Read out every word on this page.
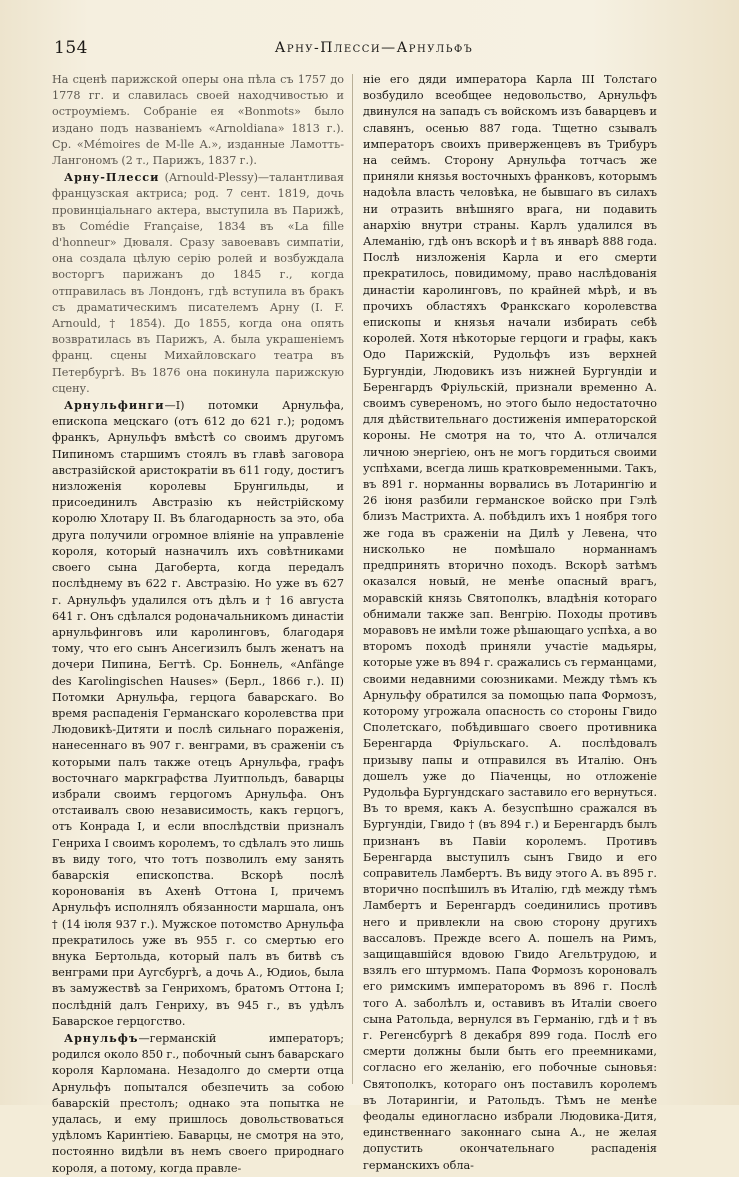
154	Арну-Плесси—Арнульфъ

На сценѣ парижской оперы она пѣла съ 1757 до 1778 гг. и славилась своей находчивостью и остроуміемъ. Собраніе ея «Bonmots» было издано подъ названіемъ «Arnoldiana» 1813 г.). Ср. «Mémoires de M-lle A.», изданные Ламотть-Лангономъ (2 т., Парижъ, 1837 г.).

Арну-Плесси (Arnould-Plessy)—талантливая французская актриса; род. 7 сент. 1819, дочь провинціальнаго актера, выступила въ Парижѣ, въ Comédie Française, 1834 въ «La fille d'honneur» Дюваля. Сразу завоевавъ симпатіи, она создала цѣлую серію ролей и возбуждала восторгъ парижанъ до 1845 г., когда отправилась въ Лондонъ, гдѣ вступила въ бракъ съ драматическимъ писателемъ Арну (I. F. Arnould, † 1854). До 1855, когда она опять возвратилась въ Парижъ, А. была украшеніемъ франц. сцены Михайловскаго театра въ Петербургѣ. Въ 1876 она покинула парижскую сцену.

Арнульфинги—I) потомки Арнульфа, епископа мецскаго (отъ 612 до 621 г.); родомъ франкъ, Арнульфъ вмѣстѣ со своимъ другомъ Пипиномъ старшимъ стоялъ въ главѣ заговора австразійской аристократіи въ 611 году, достигъ низложенія королевы Брунгильды, и присоединилъ Австразію къ нейстрійскому королю Хлотару II. Въ благодарность за это, оба друга получили огромное вліяніе на управленіе короля, который назначилъ ихъ совѣтниками своего сына Дагоберта, когда передалъ послѣднему въ 622 г. Австразію. Но уже въ 627 г. Арнульфъ удалился отъ дѣлъ и † 16 августа 641 г. Онъ сдѣлался родоначальникомъ династіи арнульфинговъ или каролинговъ, благодаря тому, что его сынъ Ансегизилъ былъ женатъ на дочери Пипина, Бегтѣ. Ср. Боннель, «Anfänge des Karolingischen Hauses» (Берл., 1866 г.). II) Потомки Арнульфа, герцога баварскаго. Во время распаденія Германскаго королевства при Людовикѣ-Дитяти и послѣ сильнаго пораженія, нанесеннаго въ 907 г. венграми, въ сраженіи съ которыми палъ также отецъ Арнульфа, графъ восточнаго маркграфства Луитпольдъ, баварцы избрали своимъ герцогомъ Арнульфа. Онъ отстаивалъ свою независимость, какъ герцогъ, отъ Конрада I, и если впослѣдствіи призналъ Генриха I своимъ королемъ, то сдѣлалъ это лишь въ виду того, что тотъ позволилъ ему занять баварскія епископства. Вскорѣ послѣ коронованія въ Ахенѣ Оттона I, причемъ Арнульфъ исполнялъ обязанности маршала, онъ † (14 іюля 937 г.). Мужское потомство Арнульфа прекратилось уже въ 955 г. со смертью его внука Бертольда, который палъ въ битвѣ съ венграми при Аугсбургѣ, а дочь А., Юдиоь, была въ замужествѣ за Генрихомъ, братомъ Оттона I; послѣдній далъ Генриху, въ 945 г., въ удѣлъ Баварское герцогство.

Арнульфъ—германскій императоръ; родился около 850 г., побочный сынъ баварскаго короля Карломана. Незадолго до смерти отца Арнульфъ попытался обезпечить за собою баварскій престолъ; однако эта попытка не удалась, и ему пришлось довольствоваться удѣломъ Каринтіею. Баварцы, не смотря на это, постоянно видѣли въ немъ своего природнаго короля, а потому, когда правле-

ніе его дяди императора Карла III Толстаго возбудило всеобщее недовольство, Арнульфъ двинулся на западъ съ войскомъ изъ баварцевъ и славянъ, осенью 887 года. Тщетно сзывалъ императоръ своихъ приверженцевъ въ Трибуръ на сеймъ. Сторону Арнульфа тотчасъ же приняли князья восточныхъ франковъ, которымъ надоѣла власть человѣка, не бывшаго въ силахъ ни отразить внѣшняго врага, ни подавить анархію внутри страны. Карлъ удалился въ Алеманію, гдѣ онъ вскорѣ и † въ январѣ 888 года. Послѣ низложенія Карла и его смерти прекратилось, повидимому, право наслѣдованія династіи каролинговъ, по крайней мѣрѣ, и въ прочихъ областяхъ Франкскаго королевства епископы и князья начали избирать себѣ королей. Хотя нѣкоторые герцоги и графы, какъ Одо Парижскій, Рудольфъ изъ верхней Бургундіи, Людовикъ изъ нижней Бургундіи и Беренгардъ Фріульскій, признали временно А. своимъ сувереномъ, но этого было недостаточно для дѣйствительнаго достиженія императорской короны. Не смотря на то, что А. отличался личною энергіею, онъ не могъ гордиться своими успѣхами, всегда лишь кратковременными. Такъ, въ 891 г. норманны ворвались въ Лотарингію и 26 іюня разбили германское войско при Гэлѣ близъ Мастрихта. А. побѣдилъ ихъ 1 ноября того же года въ сраженіи на Дилѣ у Левена, что нисколько не помѣшало норманнамъ предпринять вторично походъ. Вскорѣ затѣмъ оказался новый, не менѣе опасный врагъ, моравскій князь Святополкъ, владѣнія котораго обнимали также зап. Венгрію. Походы противъ моравовъ не имѣли тоже рѣшающаго успѣха, а во второмъ походѣ приняли участіе мадьяры, которые уже въ 894 г. сражались съ германцами, своими недавними союзниками. Между тѣмъ къ Арнульфу обратился за помощью папа Формозъ, которому угрожала опасность со стороны Гвидо Сполетскаго, побѣдившаго своего противника Беренгарда Фріульскаго. А. послѣдовалъ призыву папы и отправился въ Италію. Онъ дошелъ уже до Піаченцы, но отложеніе Рудольфа Бургундскаго заставило его вернуться. Въ то время, какъ А. безуспѣшно сражался въ Бургундіи, Гвидо † (въ 894 г.) и Беренгардъ былъ признанъ въ Павіи королемъ. Противъ Беренгарда выступилъ сынъ Гвидо и его соправитель Ламбертъ. Въ виду этого А. въ 895 г. вторично поспѣшилъ въ Италію, гдѣ между тѣмъ Ламбертъ и Беренгардъ соединились противъ него и привлекли на свою сторону другихъ вассаловъ. Прежде всего А. пошелъ на Римъ, защищавшійся вдовою Гвидо Агельтрудою, и взялъ его штурмомъ. Папа Формозъ короновалъ его римскимъ императоромъ въ 896 г. Послѣ того А. заболѣлъ и, оставивъ въ Италіи своего сына Ратольда, вернулся въ Германію, гдѣ и † въ г. Регенсбургѣ 8 декабря 899 года. Послѣ его смерти должны были быть его преемниками, согласно его желанію, его побочные сыновья: Святополкъ, котораго онъ поставилъ королемъ въ Лотарингіи, и Ратольдъ. Тѣмъ не менѣе феодалы единогласно избрали Людовика-Дитя, единственнаго законнаго сына А., не желая допустить окончательнаго распаденія германскихъ обла-
